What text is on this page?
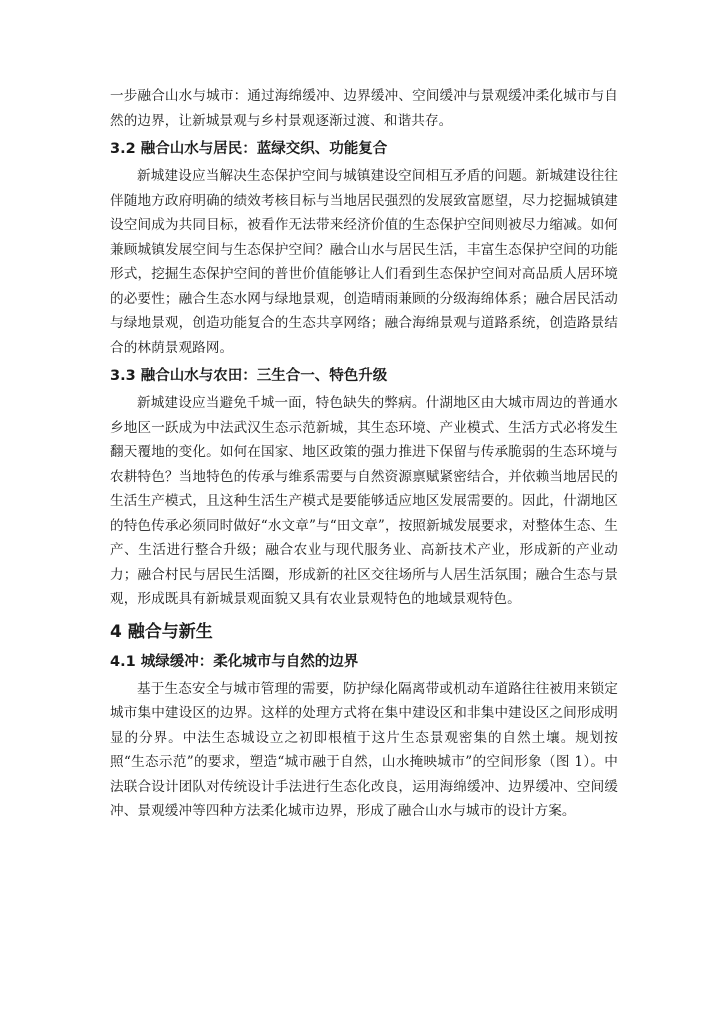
一步融合山水与城市：通过海绵缓冲、边界缓冲、空间缓冲与景观缓冲柔化城市与自然的边界，让新城景观与乡村景观逐渐过渡、和谐共存。

3.2 融合山水与居民：蓝绿交织、功能复合

新城建设应当解决生态保护空间与城镇建设空间相互矛盾的问题。新城建设往往伴随地方政府明确的绩效考核目标与当地居民强烈的发展致富愿望，尽力挖掘城镇建设空间成为共同目标，被看作无法带来经济价值的生态保护空间则被尽力缩减。如何兼顾城镇发展空间与生态保护空间？融合山水与居民生活，丰富生态保护空间的功能形式，挖掘生态保护空间的普世价值能够让人们看到生态保护空间对高品质人居环境的必要性；融合生态水网与绿地景观，创造晴雨兼顾的分级海绵体系；融合居民活动与绿地景观，创造功能复合的生态共享网络；融合海绵景观与道路系统，创造路景结合的林荫景观路网。

3.3 融合山水与农田：三生合一、特色升级

新城建设应当避免千城一面，特色缺失的弊病。什湖地区由大城市周边的普通水乡地区一跃成为中法武汉生态示范新城，其生态环境、产业模式、生活方式必将发生翻天覆地的变化。如何在国家、地区政策的强力推进下保留与传承脆弱的生态环境与农耕特色？当地特色的传承与维系需要与自然资源禀赋紧密结合，并依赖当地居民的生活生产模式，且这种生活生产模式是要能够适应地区发展需要的。因此，什湖地区的特色传承必须同时做好“水文章”与“田文章”，按照新城发展要求，对整体生态、生产、生活进行整合升级；融合农业与现代服务业、高新技术产业，形成新的产业动力；融合村民与居民生活圈，形成新的社区交往场所与人居生活氛围；融合生态与景观，形成既具有新城景观面貌又具有农业景观特色的地域景观特色。

4 融合与新生
4.1 城绿缓冲：柔化城市与自然的边界

基于生态安全与城市管理的需要，防护绿化隔离带或机动车道路往往被用来锁定城市集中建设区的边界。这样的处理方式将在集中建设区和非集中建设区之间形成明显的分界。中法生态城设立之初即根植于这片生态景观密集的自然土壤。规划按照“生态示范”的要求，塑造“城市融于自然，山水掩映城市”的空间形象（图 1）。中法联合设计团队对传统设计手法进行生态化改良，运用海绵缓冲、边界缓冲、空间缓冲、景观缓冲等四种方法柔化城市边界，形成了融合山水与城市的设计方案。
